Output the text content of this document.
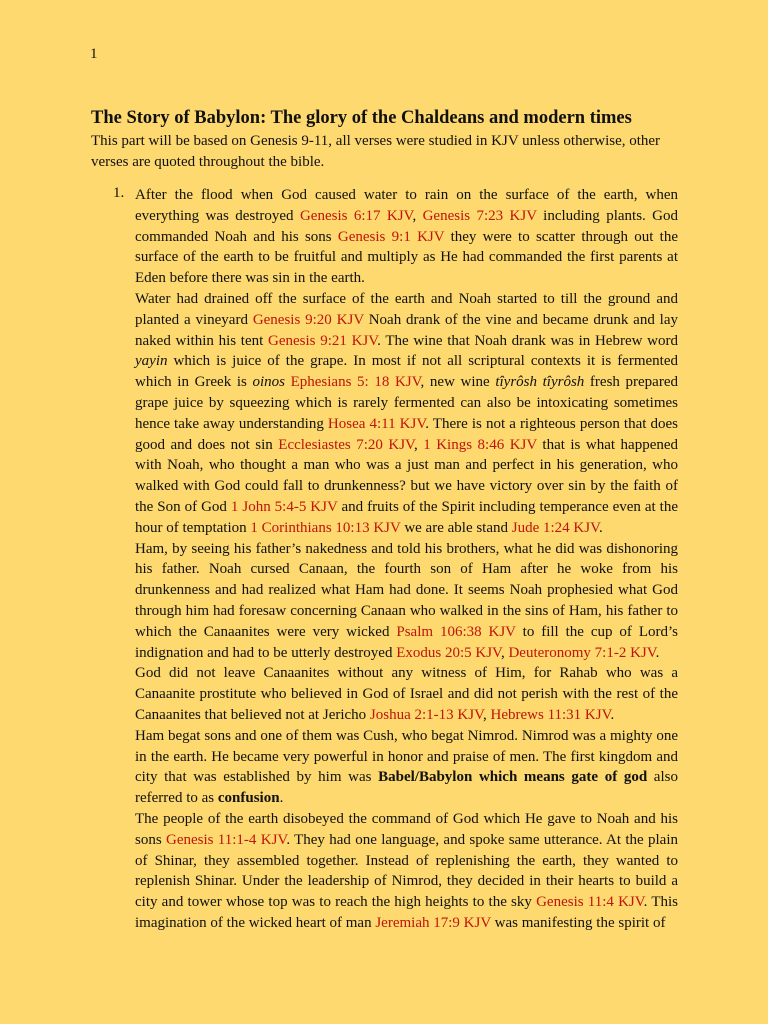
1
The Story of Babylon: The glory of the Chaldeans and modern times

This part will be based on Genesis 9-11, all verses were studied in KJV unless otherwise, other verses are quoted throughout the bible.

1. After the flood when God caused water to rain on the surface of the earth, when everything was destroyed Genesis 6:17 KJV, Genesis 7:23 KJV including plants. God commanded Noah and his sons Genesis 9:1 KJV they were to scatter through out the surface of the earth to be fruitful and multiply as He had commanded the first parents at Eden before there was sin in the earth.

Water had drained off the surface of the earth and Noah started to till the ground and planted a vineyard Genesis 9:20 KJV Noah drank of the vine and became drunk and lay naked within his tent Genesis 9:21 KJV. The wine that Noah drank was in Hebrew word yayin which is juice of the grape. In most if not all scriptural contexts it is fermented which in Greek is oinos Ephesians 5: 18 KJV, new wine tîyrôsh tîyrôsh fresh prepared grape juice by squeezing which is rarely fermented can also be intoxicating sometimes hence take away understanding Hosea 4:11 KJV. There is not a righteous person that does good and does not sin Ecclesiastes 7:20 KJV, 1 Kings 8:46 KJV that is what happened with Noah, who thought a man who was a just man and perfect in his generation, who walked with God could fall to drunkenness? but we have victory over sin by the faith of the Son of God 1 John 5:4-5 KJV and fruits of the Spirit including temperance even at the hour of temptation 1 Corinthians 10:13 KJV we are able stand Jude 1:24 KJV.

Ham, by seeing his father’s nakedness and told his brothers, what he did was dishonoring his father. Noah cursed Canaan, the fourth son of Ham after he woke from his drunkenness and had realized what Ham had done. It seems Noah prophesied what God through him had foresaw concerning Canaan who walked in the sins of Ham, his father to which the Canaanites were very wicked Psalm 106:38 KJV to fill the cup of Lord’s indignation and had to be utterly destroyed Exodus 20:5 KJV, Deuteronomy 7:1-2 KJV.

God did not leave Canaanites without any witness of Him, for Rahab who was a Canaanite prostitute who believed in God of Israel and did not perish with the rest of the Canaanites that believed not at Jericho Joshua 2:1-13 KJV, Hebrews 11:31 KJV.

Ham begat sons and one of them was Cush, who begat Nimrod. Nimrod was a mighty one in the earth. He became very powerful in honor and praise of men. The first kingdom and city that was established by him was Babel/Babylon which means gate of god also referred to as confusion.

The people of the earth disobeyed the command of God which He gave to Noah and his sons Genesis 11:1-4 KJV. They had one language, and spoke same utterance. At the plain of Shinar, they assembled together. Instead of replenishing the earth, they wanted to replenish Shinar. Under the leadership of Nimrod, they decided in their hearts to build a city and tower whose top was to reach the high heights to the sky Genesis 11:4 KJV. This imagination of the wicked heart of man Jeremiah 17:9 KJV was manifesting the spirit of
